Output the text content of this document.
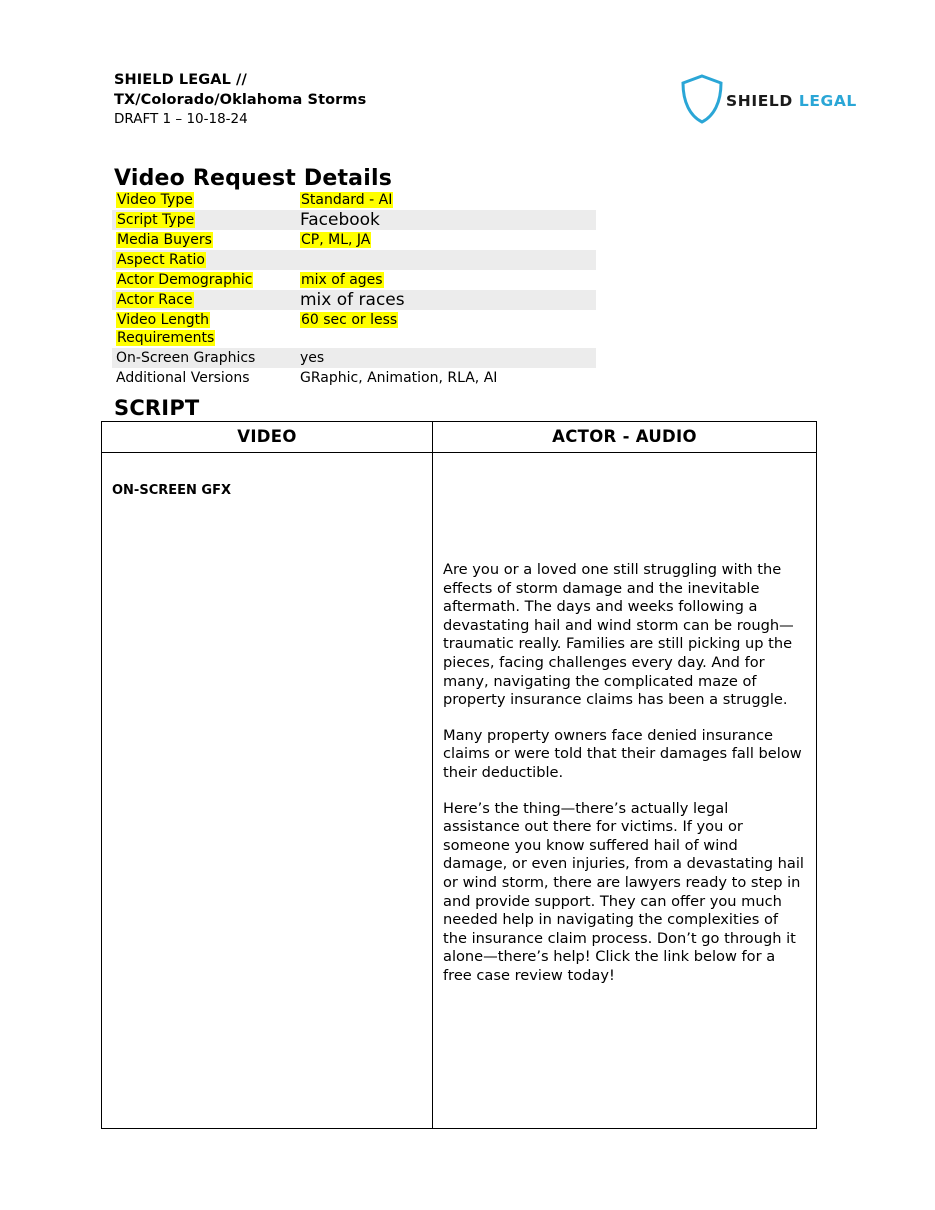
SHIELD LEGAL //
TX/Colorado/Oklahoma Storms
DRAFT 1 – 10-18-24
SHIELD LEGAL
Video Request Details
Video Type	Standard - AI
Script Type	Facebook
Media Buyers	CP, ML, JA
Aspect Ratio	
Actor Demographic	mix of ages
Actor Race	mix of races
Video Length Requirements	60 sec or less
On-Screen Graphics	yes
Additional Versions	GRaphic, Animation, RLA, AI
SCRIPT
VIDEO	ACTOR - AUDIO
ON-SCREEN GFX	Are you or a loved one still struggling with the effects of storm damage and the inevitable aftermath. The days and weeks following a devastating hail and wind storm can be rough—traumatic really. Families are still picking up the pieces, facing challenges every day. And for many, navigating the complicated maze of property insurance claims has been a struggle.

Many property owners face denied insurance claims or were told that their damages fall below their deductible.

Here’s the thing—there’s actually legal assistance out there for victims. If you or someone you know suffered hail of wind damage, or even injuries, from a devastating hail or wind storm, there are lawyers ready to step in and provide support. They can offer you much needed help in navigating the complexities of the insurance claim process. Don’t go through it alone—there’s help! Click the link below for a free case review today!
